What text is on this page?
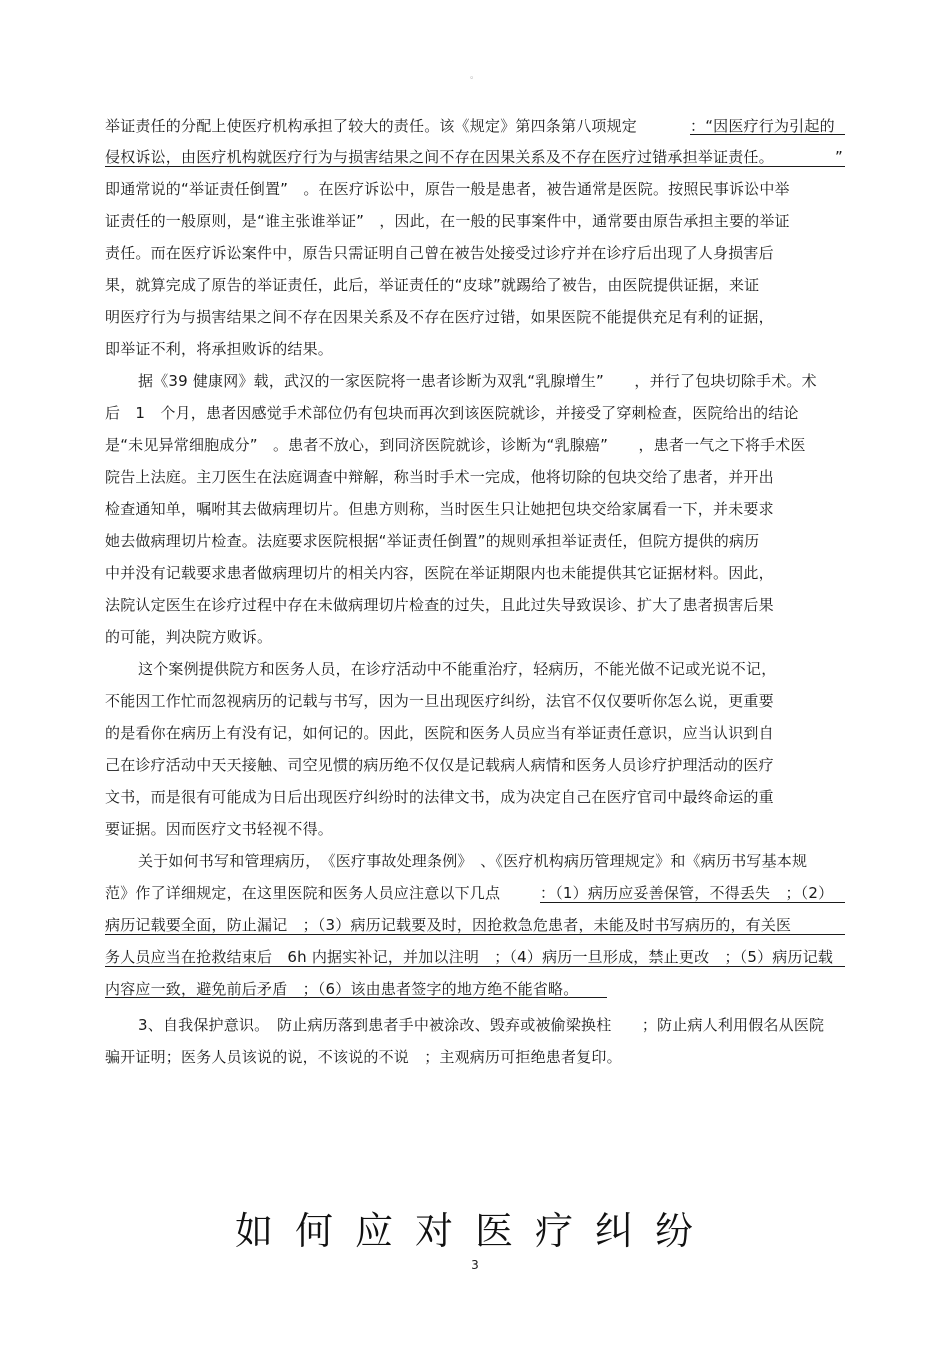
。
举证责任的分配上使医疗机构承担了较大的责任。该《规定》第四条第八项规定	：“因医疗行为引起的
侵权诉讼，由医疗机构就医疗行为与损害结果之间不存在因果关系及不存在医疗过错承担举证责任。	”
即通常说的“举证责任倒置”　。在医疗诉讼中，原告一般是患者，被告通常是医院。按照民事诉讼中举
证责任的一般原则，是“谁主张谁举证”　，因此，在一般的民事案件中，通常要由原告承担主要的举证
责任。而在医疗诉讼案件中，原告只需证明自己曾在被告处接受过诊疗并在诊疗后出现了人身损害后
果，就算完成了原告的举证责任，此后，举证责任的“皮球”就踢给了被告，由医院提供证据，来证
明医疗行为与损害结果之间不存在因果关系及不存在医疗过错，如果医院不能提供充足有利的证据，
即举证不利，将承担败诉的结果。
据《39 健康网》载，武汉的一家医院将一患者诊断为双乳“乳腺增生”　　，并行了包块切除手术。术
后　1　个月，患者因感觉手术部位仍有包块而再次到该医院就诊，并接受了穿刺检查，医院给出的结论
是“未见异常细胞成分”　。患者不放心，到同济医院就诊，诊断为“乳腺癌”　　，患者一气之下将手术医
院告上法庭。主刀医生在法庭调查中辩解，称当时手术一完成，他将切除的包块交给了患者，并开出
检查通知单，嘱咐其去做病理切片。但患方则称，当时医生只让她把包块交给家属看一下，并未要求
她去做病理切片检查。法庭要求医院根据“举证责任倒置”的规则承担举证责任，但院方提供的病历
中并没有记载要求患者做病理切片的相关内容，医院在举证期限内也未能提供其它证据材料。因此，
法院认定医生在诊疗过程中存在未做病理切片检查的过失，且此过失导致误诊、扩大了患者损害后果
的可能，判决院方败诉。
这个案例提供院方和医务人员，在诊疗活动中不能重治疗，轻病历，不能光做不记或光说不记，
不能因工作忙而忽视病历的记载与书写，因为一旦出现医疗纠纷，法官不仅仅要听你怎么说，更重要
的是看你在病历上有没有记，如何记的。因此，医院和医务人员应当有举证责任意识，应当认识到自
己在诊疗活动中天天接触、司空见惯的病历绝不仅仅是记载病人病情和医务人员诊疗护理活动的医疗
文书，而是很有可能成为日后出现医疗纠纷时的法律文书，成为决定自己在医疗官司中最终命运的重
要证据。因而医疗文书轻视不得。
关于如何书写和管理病历，　《医疗事故处理条例》　、《医疗机构病历管理规定》和《病历书写基本规
范》作了详细规定，在这里医院和医务人员应注意以下几点	：（1）病历应妥善保管，不得丢失　；（2）
病历记载要全面，防止漏记　；（3）病历记载要及时，因抢救急危患者，未能及时书写病历的，有关医
务人员应当在抢救结束后　6h 内据实补记，并加以注明　；（4）病历一旦形成，禁止更改　；（5）病历记载
内容应一致，避免前后矛盾　；（6）该由患者签字的地方绝不能省略。
3、自我保护意识。　防止病历落到患者手中被涂改、毁弃或被偷梁换柱　　；防止病人利用假名从医院
骗开证明；医务人员该说的说，不该说的不说　；主观病历可拒绝患者复印。
如何应对医疗纠纷
3
